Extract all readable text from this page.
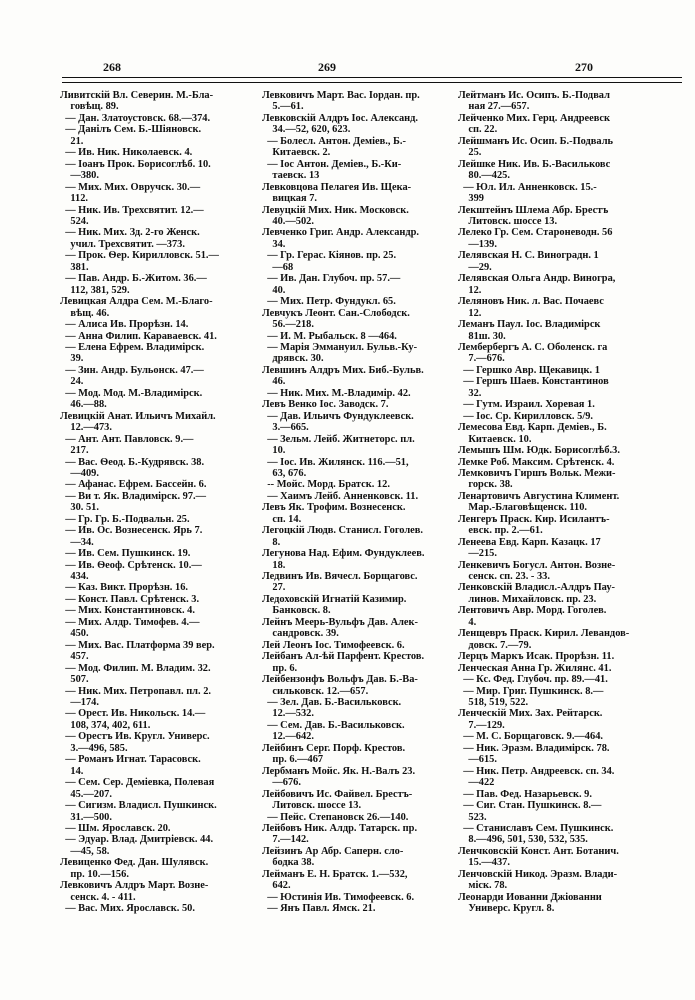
268	269	270
Ливитскій Вл. Северин. М.-Бла-
говѣщ. 89.
— Дан. Златоустовск. 68.—374.
— Данiлъ Сем. Б.-Шіяновск.
21.
— Ив. Ник. Николаевск. 4.
— Іоанъ Прок. Борисоглѣб. 10.
—380.
— Мих. Мих. Овручск. 30.—
112.
— Ник. Ив. Трехсвятит. 12.—
524.
— Ник. Мих. Зд. 2-го Женск.
учил. Трехсвятит. —373.
— Прок. Ѳер. Кирилловск. 51.—
381.
— Пав. Андр. Б.-Житом. 36.—
112, 381, 529.
Левицкая Алдра Сем. М.-Благо-
вѣщ. 46.
— Алиса Ив. Прорѣзн. 14.
— Анна Филип. Караваевск. 41.
— Елена Ефрем. Владимірск.
39.
— Зин. Андр. Бульонск. 47.—
24.
— Мод. Мод. М.-Владимірск.
46.—88.
Левицкій Анат. Ильичъ Михайл.
12.—473.
— Ант. Ант. Павловск. 9.—
217.
— Вас. Ѳеод. Б.-Кудрявск. 38.
—409.
— Афанас. Ефрем. Бассейн. 6.
— Ви т. Як. Владимірск. 97.—
30. 51.
— Гр. Гр. Б.-Подвальн. 25.
— Ив. Ос. Вознесенск. Ярь 7.
—34.
— Ив. Сем. Пушкинск. 19.
— Ив. Ѳеоф. Срѣтенск. 10.—
434.
— Каз. Викт. Прорѣзн. 16.
— Конст. Павл. Срѣтенск. 3.
— Мих. Константиновск. 4.
— Мих. Алдр. Тимофев. 4.—
450.
— Мих. Вас. Платформа 39 вер.
457.
— Мод. Филип. М. Владим. 32.
507.
— Ник. Мих. Петропавл. пл. 2.
—174.
— Орест. Ив. Никольск. 14.—
108, 374, 402, 611.
— Орестъ Ив. Кругл. Универс.
3.—496, 585.
— Романъ Игнат. Тарасовск.
14.
— Сем. Сер. Деміевка, Полевая
45.—207.
— Сигизм. Владисл. Пушкинск.
31.—500.
— Шм. Ярославск. 20.
— Эдуар. Влад. Дмитріевск. 44.
—45, 58.
Левиценко Фед. Дан. Шулявск.
пр. 10.—156.
Левковичъ Алдръ Март. Возне-
сенск. 4. - 411.
— Вас. Мих. Ярославск. 50.
Левковичъ Март. Вас. Іордан. пр.
5.—61.
Левковскій Алдръ Іос. Александ.
34.—52, 620, 623.
— Болесл. Антон. Деміев., Б.-
Китаевск. 2.
— Іос Антон. Деміев., Б.-Ки-
таевск. 13
Левковцова Пелагея Ив. Щека-
вицкая 7.
Левуцкій Мих. Ник. Московск.
40.—502.
Левченко Григ. Андр. Александр.
34.
— Гр. Герас. Кіянов. пр. 25.
—68
— Ив. Дан. Глубоч. пр. 57.—
40.
— Мих. Петр. Фундукл. 65.
Левчукъ Леонт. Сан.-Слободск.
56.—218.
— И. М. Рыбальск. 8 —464.
— Марія Эммануил. Бульв.-Ку-
дрявск. 30.
Левшинъ Алдръ Мих. Биб.-Бульв.
46.
— Ник. Мих. М.-Владимір. 42.
Левъ Венко Іос. Заводск. 7.
— Дав. Ильичъ Фундуклеевск.
3.—665.
— Зельм. Лейб. Житнеторс. пл.
10.
— Іос. Ив. Жилянск. 116.—51,
63, 676.
-- Мойс. Морд. Братск. 12.
— Хаимъ Лейб. Анненковск. 11.
Левъ Як. Трофим. Вознесенск.
сп. 14.
Легоцкій Людв. Станисл. Гоголев.
8.
Легунова Над. Ефим. Фундуклеев.
18.
Ледвинъ Ив. Вячесл. Борщаговс.
27.
Ледоховскій Игнатій Казимир.
Банковск. 8.
Лейнъ Меерь-Вульфъ Дав. Алек-
сандровск. 39.
Лей Леонъ Іос. Тимофеевск. 6.
Лейбанъ Ал-ѣй Парфент. Крестов.
пр. 6.
Лейбензонфъ Вольфъ Дав. Б.-Ва-
сильковск. 12.—657.
— Зел. Дав. Б.-Васильковск.
12.—532.
— Сем. Дав. Б.-Васильковск.
12.—642.
Лейбинъ Серг. Порф. Крестов.
пр. 6.—467
Лербманъ Мойс. Як. Н.-Валъ 23.
—676.
Лейбовичъ Ис. Файвел. Брестъ-
Литовск. шоссе 13.
— Пейс. Степановск 26.—140.
Лейбовъ Ник. Алдр. Татарск. пр.
7.—142.
Лейзинъ Ар Абр. Саперн. сло-
бодка 38.
Лейманъ Е. Н. Братск. 1.—532,
642.
— Юстинія Ив. Тимофеевск. 6.
— Янъ Павл. Ямск. 21.
Лейтманъ Ис. Осипъ. Б.-Подвал
ная 27.—657.
Лейченко Мих. Герц. Андреевск
сп. 22.
Лейшманъ Ис. Осип. Б.-Подваль
25.
Лейшке Ник. Ив. Б.-Васильковс
80.—425.
— Юл. Ил. Анненковск. 15.-
399
Лекштейнъ Шлема Абр. Брестъ
Литовск. шоссе 13.
Лелеко Гр. Сем. Староневодн. 56
—139.
Лелявская Н. С. Виноградн. 1
—29.
Лелявская Ольга Андр. Виногра,
12.
Леляновъ Ник. л. Вас. Почаевс
12.
Леманъ Паул. Іос. Владимірск
81ш. 30.
Лембербергъ А. С. Оболенск. га
7.—676.
— Гершко Авр. Щекавицк. 1
— Гершъ Шаев. Константинов
32.
— Гутм. Израил. Хоревая 1.
— Іос. Ср. Кирилловск. 5/9.
Лемесова Евд. Карп. Деміев., Б.
Китаевск. 10.
Лемышъ Шм. Юдк. Борисоглѣб.3.
Лемке Роб. Максим. Срѣтенск. 4.
Лемковичъ Гиршъ Вольк. Межи-
горск. 38.
Ленартовичъ Августина Климент.
Мар.-Благовѣщенск. 110.
Ленгеръ Праск. Кир. Исилантъ-
евск. пр. 2.—61.
Ленеева Евд. Карп. Казацк. 17
—215.
Ленкевичъ Богусл. Антон. Возне-
сенск. сп. 23. - 33.
Ленковскій Владисл.-Алдръ Пау-
линов. Михайловск. пр. 23.
Лентовичъ Авр. Морд. Гоголев.
4.
Ленщевръ Праск. Кирил. Левандов-
довск. 7.—79.
Лерцъ Маркъ Исак. Прорѣзн. 11.
Ленческая Анна Гр. Жилянс. 41.
— Кс. Фед. Глубоч. пр. 89.—41.
— Мир. Григ. Пушкинск. 8.—
518, 519, 522.
Ленческій Мих. Зах. Рейтарск.
7.—129.
— М. С. Борщаговск. 9.—464.
— Ник. Эразм. Владимірск. 78.
—615.
— Ник. Петр. Андреевск. сп. 34.
—422
— Пав. Фед. Назарьевск. 9.
— Сиг. Стан. Пушкинск. 8.—
523.
— Станиславъ Сем. Пушкинск.
8.—496, 501, 530, 532, 535.
Ленчковскій Конст. Ант. Ботанич.
15.—437.
Ленчовскій Никод. Эразм. Влади-
міск. 78.
Леонарди Иованни Джіованни
Универс. Кругл. 8.
